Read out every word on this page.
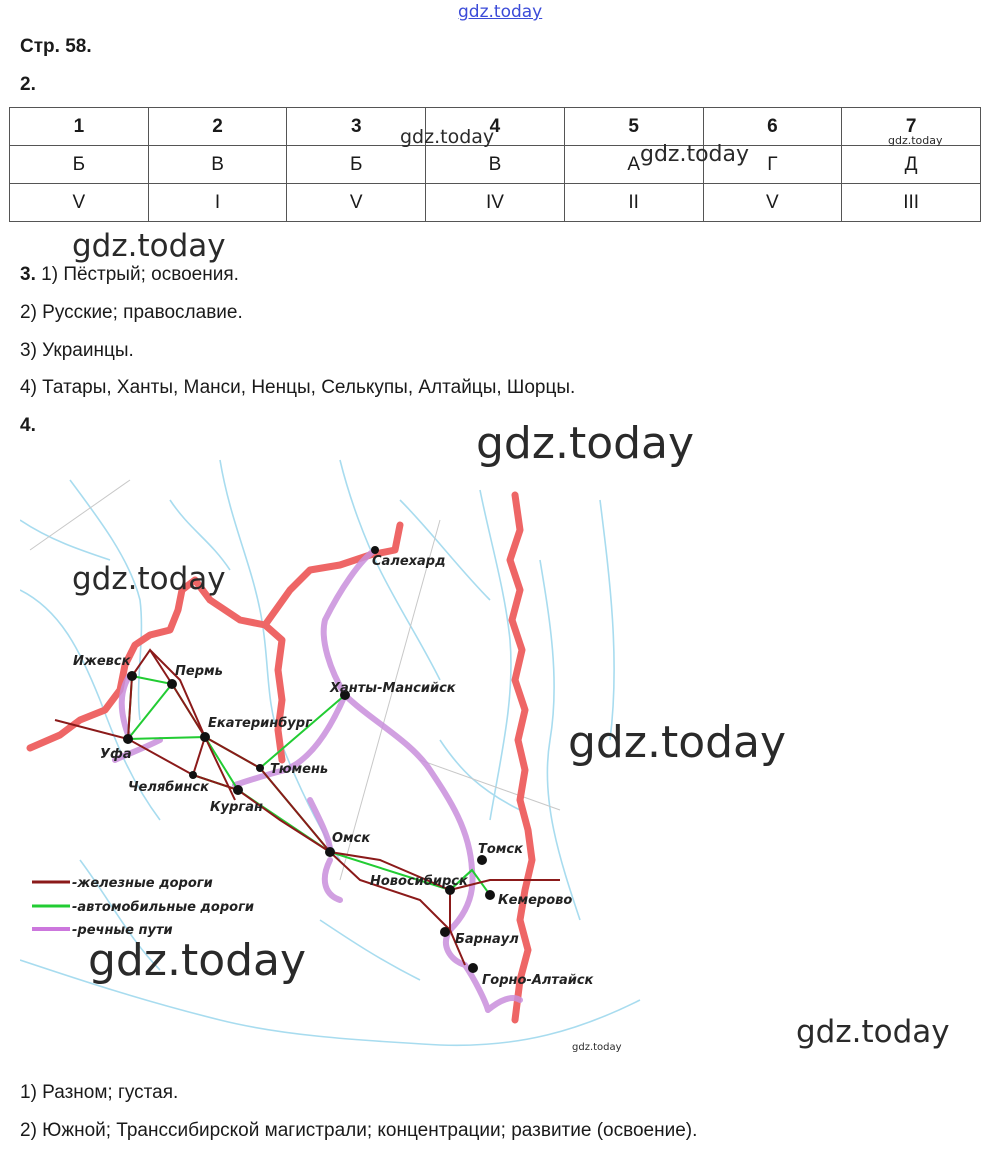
gdz.today
Стр. 58.
2.
1	2	3	4	5	6	7
Б	В	Б	В	А	Г	Д
V	I	V	IV	II	V	III
gdz.today
gdz.today
gdz.today
gdz.today
3. 1) Пёстрый; освоения.
2) Русские; православие.
3) Украинцы.
4) Татары, Ханты, Манси, Ненцы, Селькупы, Алтайцы, Шорцы.
4.
Салехард
Ижевск
Пермь
Ханты-Мансийск
Екатеринбург
Уфа
Тюмень
Челябинск
Курган
Омск
Томск
Новосибирск
Кемерово
Барнаул
Горно-Алтайск
-железные дороги
-автомобильные дороги
-речные пути
gdz.today
gdz.today
gdz.today
gdz.today
gdz.today	gdz.today
1) Разном; густая.
2) Южной; Транссибирской магистрали; концентрации; развитие (освоение).
